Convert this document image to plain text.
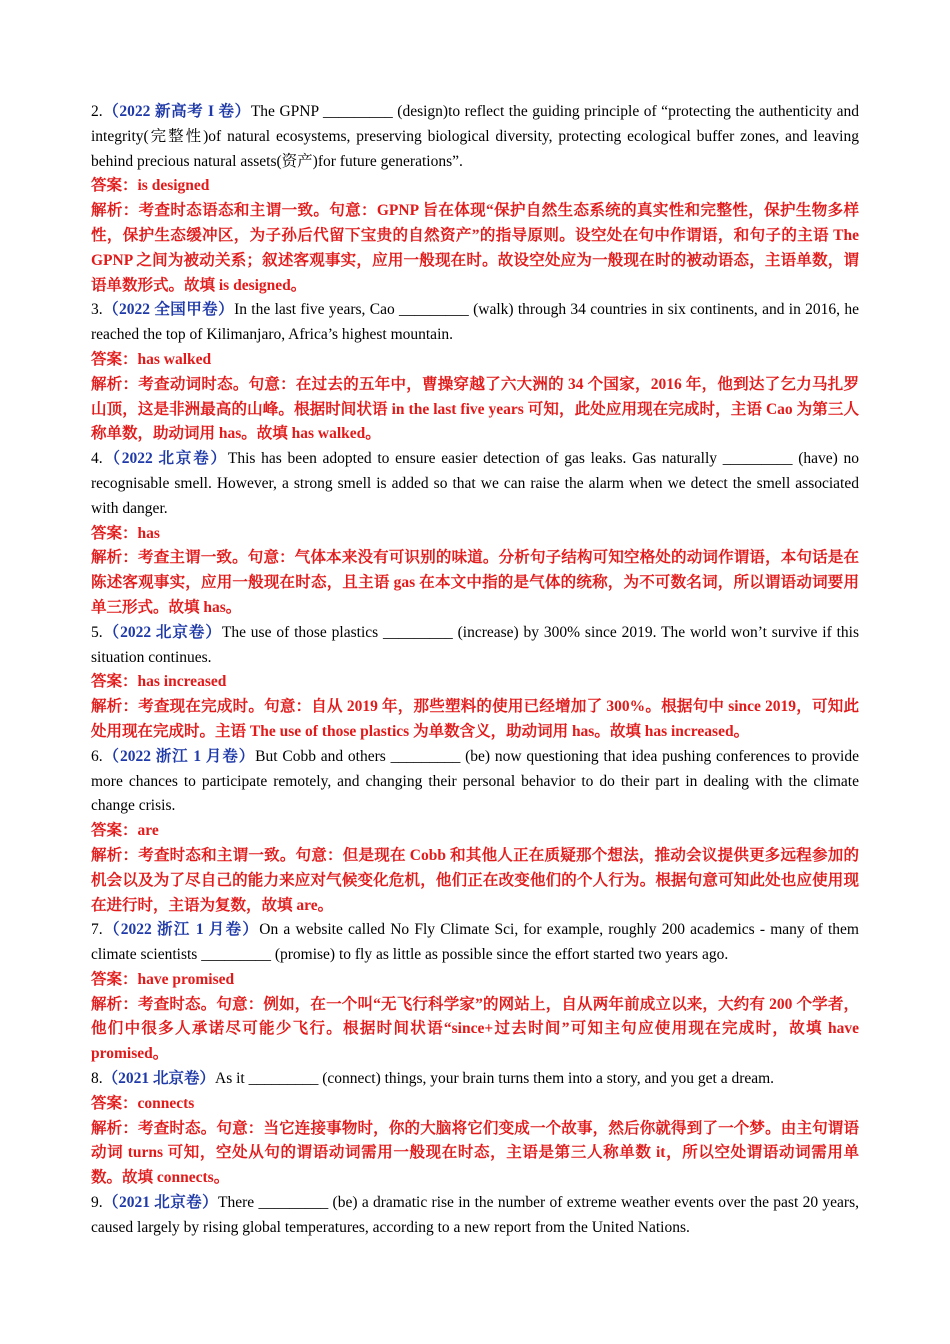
2.（2022 新高考 I 卷）The GPNP _________ (design)to reflect the guiding principle of “protecting the authenticity and integrity(完整性)of natural ecosystems, preserving biological diversity, protecting ecological buffer zones, and leaving behind precious natural assets(资产)for future generations”.

答案：is designed

解析：考查时态语态和主谓一致。句意：GPNP 旨在体现“保护自然生态系统的真实性和完整性，保护生物多样性，保护生态缓冲区，为子孙后代留下宝贵的自然资产”的指导原则。设空处在句中作谓语，和句子的主语 The GPNP 之间为被动关系；叙述客观事实，应用一般现在时。故设空处应为一般现在时的被动语态，主语单数，谓语单数形式。故填 is designed。

3.（2022 全国甲卷）In the last five years, Cao _________ (walk) through 34 countries in six continents, and in 2016, he reached the top of Kilimanjaro, Africa’s highest mountain.

答案：has walked

解析：考查动词时态。句意：在过去的五年中，曹操穿越了六大洲的 34 个国家，2016 年，他到达了乞力马扎罗山顶，这是非洲最高的山峰。根据时间状语 in the last five years 可知，此处应用现在完成时，主语 Cao 为第三人称单数，助动词用 has。故填 has walked。

4.（2022 北京卷）This has been adopted to ensure easier detection of gas leaks. Gas naturally _________ (have) no recognisable smell. However, a strong smell is added so that we can raise the alarm when we detect the smell associated with danger.

答案：has

解析：考查主谓一致。句意：气体本来没有可识别的味道。分析句子结构可知空格处的动词作谓语，本句话是在陈述客观事实，应用一般现在时态，且主语 gas 在本文中指的是气体的统称，为不可数名词，所以谓语动词要用单三形式。故填 has。

5.（2022 北京卷）The use of those plastics _________ (increase) by 300% since 2019. The world won’t survive if this situation continues.

答案：has increased

解析：考查现在完成时。句意：自从 2019 年，那些塑料的使用已经增加了 300%。根据句中 since 2019，可知此处用现在完成时。主语 The use of those plastics 为单数含义，助动词用 has。故填 has increased。

6.（2022 浙江 1 月卷）But Cobb and others _________ (be) now questioning that idea pushing conferences to provide more chances to participate remotely, and changing their personal behavior to do their part in dealing with the climate change crisis.

答案：are

解析：考查时态和主谓一致。句意：但是现在 Cobb 和其他人正在质疑那个想法，推动会议提供更多远程参加的机会以及为了尽自己的能力来应对气候变化危机，他们正在改变他们的个人行为。根据句意可知此处也应使用现在进行时，主语为复数，故填 are。

7.（2022 浙江 1 月卷）On a website called No Fly Climate Sci, for example, roughly 200 academics - many of them climate scientists _________ (promise) to fly as little as possible since the effort started two years ago.

答案：have promised

解析：考查时态。句意：例如，在一个叫“无飞行科学家”的网站上，自从两年前成立以来，大约有 200 个学者，他们中很多人承诺尽可能少飞行。根据时间状语“since+过去时间”可知主句应使用现在完成时，故填 have promised。

8.（2021 北京卷）As it _________ (connect) things, your brain turns them into a story, and you get a dream.

答案：connects

解析：考查时态。句意：当它连接事物时，你的大脑将它们变成一个故事，然后你就得到了一个梦。由主句谓语动词 turns 可知，空处从句的谓语动词需用一般现在时态，主语是第三人称单数 it，所以空处谓语动词需用单数。故填 connects。

9.（2021 北京卷）There _________ (be) a dramatic rise in the number of extreme weather events over the past 20 years, caused largely by rising global temperatures, according to a new report from the United Nations.
